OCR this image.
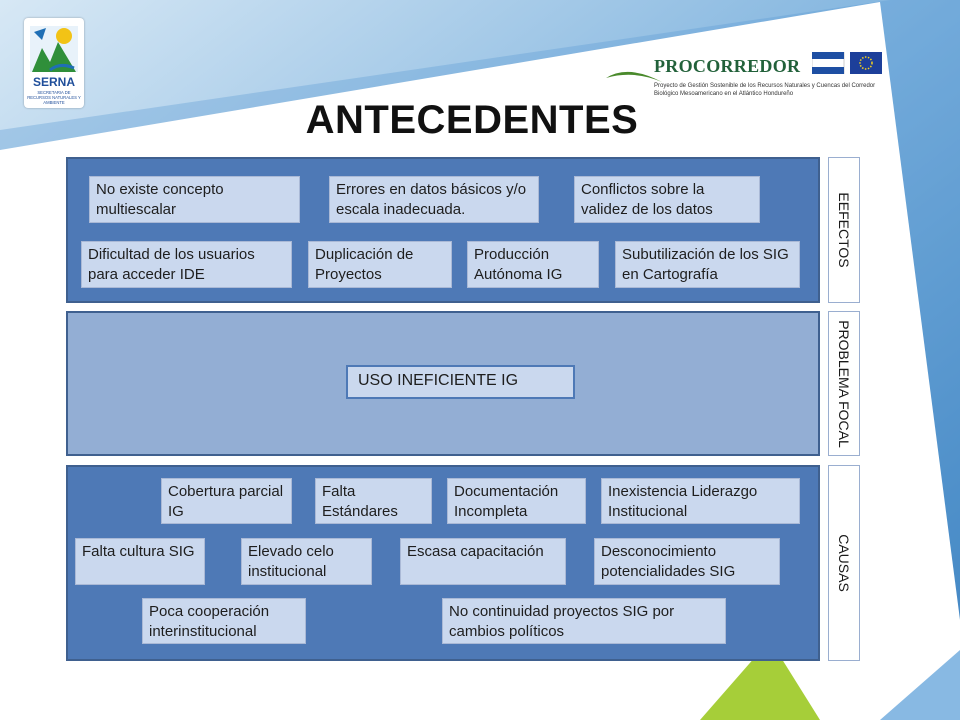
SERNA
SECRETARIA DE RECURSOS NATURALES Y AMBIENTE
PROCORREDOR
Proyecto de Gestión Sostenible de los Recursos Naturales y Cuencas del Corredor Biológico Mesoamericano en el Atlántico Hondureño
ANTECEDENTES
No existe concepto multiescalar
Errores en datos básicos y/o escala inadecuada.
Conflictos sobre la validez de los datos
Dificultad de los usuarios para acceder IDE
Duplicación de Proyectos
Producción Autónoma IG
Subutilización de los SIG en Cartografía
EEFECTOS
USO INEFICIENTE IG	PROBLEMA FOCAL
Cobertura parcial IG
Falta Estándares
Documentación Incompleta
Inexistencia Liderazgo Institucional
Falta cultura SIG	Elevado celo institucional
Escasa capacitación	Desconocimiento potencialidades SIG
Poca cooperación interinstitucional
No continuidad proyectos SIG por cambios políticos
CAUSAS
